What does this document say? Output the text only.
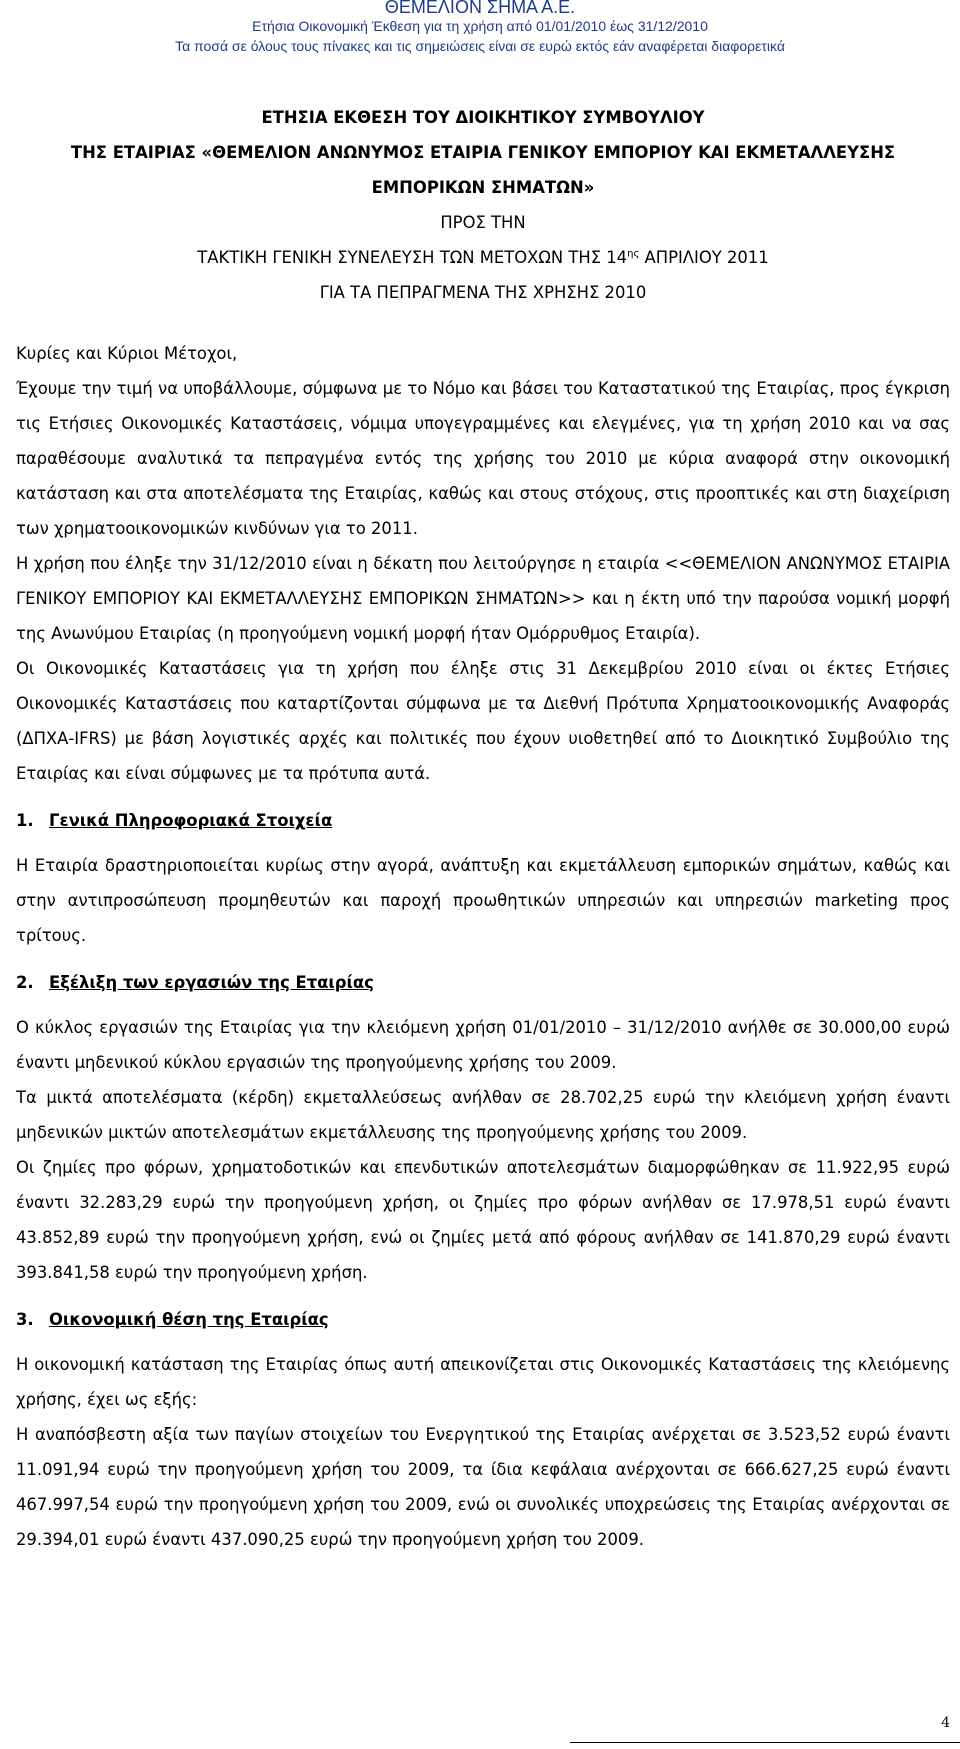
ΘΕΜΕΛΙΟΝ ΣΗΜΑ Α.Ε.
Ετήσια Οικονομική Έκθεση για τη χρήση από 01/01/2010 έως 31/12/2010
Τα ποσά σε όλους τους πίνακες και τις σημειώσεις είναι σε ευρώ εκτός εάν αναφέρεται διαφορετικά
ΕΤΗΣΙΑ ΕΚΘΕΣΗ ΤΟΥ ΔΙΟΙΚΗΤΙΚΟΥ ΣΥΜΒΟΥΛΙΟΥ
ΤΗΣ ΕΤΑΙΡΙΑΣ «ΘΕΜΕΛΙΟΝ ΑΝΩΝΥΜΟΣ ΕΤΑΙΡΙΑ ΓΕΝΙΚΟΥ ΕΜΠΟΡΙΟΥ ΚΑΙ ΕΚΜΕΤΑΛΛΕΥΣΗΣ
ΕΜΠΟΡΙΚΩΝ ΣΗΜΑΤΩΝ»
ΠΡΟΣ ΤΗΝ
ΤΑΚΤΙΚΗ ΓΕΝΙΚΗ ΣΥΝΕΛΕΥΣΗ ΤΩΝ ΜΕΤΟΧΩΝ ΤΗΣ $14^{\eta\varsigma}$ ΑΠΡΙΛΙΟΥ 2011
ΓΙΑ ΤΑ ΠΕΠΡΑΓΜΕΝΑ ΤΗΣ ΧΡΗΣΗΣ 2010

Κυρίες και Κύριοι Μέτοχοι,

Έχουμε την τιμή να υποβάλλουμε, σύμφωνα με το Νόμο και βάσει του Καταστατικού της Εταιρίας, προς έγκριση τις Ετήσιες Οικονομικές Καταστάσεις, νόμιμα υπογεγραμμένες και ελεγμένες, για τη χρήση 2010 και να σας παραθέσουμε αναλυτικά τα πεπραγμένα εντός της χρήσης του 2010 με κύρια αναφορά στην οικονομική κατάσταση και στα αποτελέσματα της Εταιρίας, καθώς και στους στόχους, στις προοπτικές και στη διαχείριση των χρηματοοικονομικών κινδύνων για το 2011.

Η χρήση που έληξε την 31/12/2010 είναι η δέκατη που λειτούργησε η εταιρία <<ΘΕΜΕΛΙΟΝ ΑΝΩΝΥΜΟΣ ΕΤΑΙΡΙΑ ΓΕΝΙΚΟΥ ΕΜΠΟΡΙΟΥ ΚΑΙ ΕΚΜΕΤΑΛΛΕΥΣΗΣ ΕΜΠΟΡΙΚΩΝ ΣΗΜΑΤΩΝ>> και η έκτη υπό την παρούσα νομική μορφή της Ανωνύμου Εταιρίας (η προηγούμενη νομική μορφή ήταν Ομόρρυθμος Εταιρία).

Οι Οικονομικές Καταστάσεις για τη χρήση που έληξε στις 31 Δεκεμβρίου 2010 είναι οι έκτες Ετήσιες Οικονομικές Καταστάσεις που καταρτίζονται σύμφωνα με τα Διεθνή Πρότυπα Χρηματοοικονομικής Αναφοράς (ΔΠΧΑ-IFRS) με βάση λογιστικές αρχές και πολιτικές που έχουν υιοθετηθεί από το Διοικητικό Συμβούλιο της Εταιρίας και είναι σύμφωνες με τα πρότυπα αυτά.

1. Γενικά Πληροφοριακά Στοιχεία

Η Εταιρία δραστηριοποιείται κυρίως στην αγορά, ανάπτυξη και εκμετάλλευση εμπορικών σημάτων, καθώς και στην αντιπροσώπευση προμηθευτών και παροχή προωθητικών υπηρεσιών και υπηρεσιών marketing προς τρίτους.

2. Εξέλιξη των εργασιών της Εταιρίας

Ο κύκλος εργασιών της Εταιρίας για την κλειόμενη χρήση 01/01/2010 – 31/12/2010 ανήλθε σε 30.000,00 ευρώ έναντι μηδενικού κύκλου εργασιών της προηγούμενης χρήσης του 2009.

Τα μικτά αποτελέσματα (κέρδη) εκμεταλλεύσεως ανήλθαν σε 28.702,25 ευρώ την κλειόμενη χρήση έναντι μηδενικών μικτών αποτελεσμάτων εκμετάλλευσης της προηγούμενης χρήσης του 2009.

Οι ζημίες προ φόρων, χρηματοδοτικών και επενδυτικών αποτελεσμάτων διαμορφώθηκαν σε 11.922,95 ευρώ έναντι 32.283,29 ευρώ την προηγούμενη χρήση, οι ζημίες προ φόρων ανήλθαν σε 17.978,51 ευρώ έναντι 43.852,89 ευρώ την προηγούμενη χρήση, ενώ οι ζημίες μετά από φόρους ανήλθαν σε 141.870,29 ευρώ έναντι 393.841,58 ευρώ την προηγούμενη χρήση.

3. Οικονομική θέση της Εταιρίας

Η οικονομική κατάσταση της Εταιρίας όπως αυτή απεικονίζεται στις Οικονομικές Καταστάσεις της κλειόμενης χρήσης, έχει ως εξής:

Η αναπόσβεστη αξία των παγίων στοιχείων του Ενεργητικού της Εταιρίας ανέρχεται σε 3.523,52 ευρώ έναντι 11.091,94 ευρώ την προηγούμενη χρήση του 2009, τα ίδια κεφάλαια ανέρχονται σε 666.627,25 ευρώ έναντι 467.997,54 ευρώ την προηγούμενη χρήση του 2009, ενώ οι συνολικές υποχρεώσεις της Εταιρίας ανέρχονται σε 29.394,01 ευρώ έναντι 437.090,25 ευρώ την προηγούμενη χρήση του 2009.

4
